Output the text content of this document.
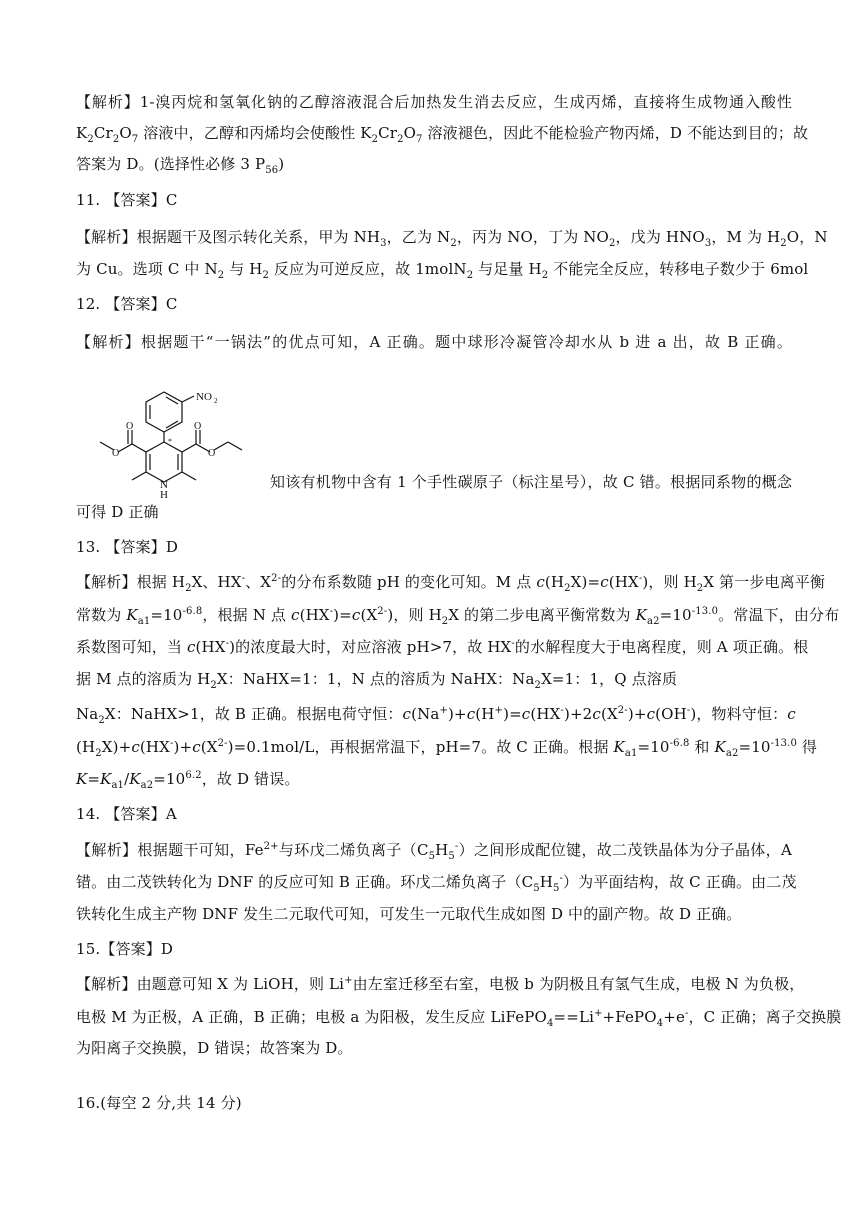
【解析】1-溴丙烷和氢氧化钠的乙醇溶液混合后加热发生消去反应，生成丙烯，直接将生成物通入酸性
$K_2Cr_2O_7$ 溶液中，乙醇和丙烯均会使酸性 $K_2Cr_2O_7$ 溶液褪色，因此不能检验产物丙烯，D 不能达到目的；故
答案为 D。(选择性必修 3 $P_{56}$)
11. 【答案】C
【解析】根据题干及图示转化关系，甲为 $NH_3$，乙为 $N_2$，丙为 NO，丁为 $NO_2$，戊为 $HNO_3$，M 为 $H_2O$，N
为 Cu。选项 C 中 $N_2$ 与 $H_2$ 反应为可逆反应，故 1molN$_2$ 与足量 $H_2$ 不能完全反应，转移电子数少于 6mol
12. 【答案】C
【解析】根据题干“一锅法”的优点可知，A 正确。题中球形冷凝管冷却水从 b 进 a 出，故 B 正确。
NO 2
O
O
O
O
N
H
*
知该有机物中含有 1 个手性碳原子（标注星号），故 C 错。根据同系物的概念
可得 D 正确
13. 【答案】D
【解析】根据 $H_2X$、HX-、$X^{2-}$的分布系数随 pH 的变化可知。M 点 $c(H_2X)=c(HX^-)$，则 $H_2X$ 第一步电离平衡
常数为 $K_{a1}=10^{-6.8}$，根据 N 点 $c(HX^-)=c(X^{2-})$，则 $H_2X$ 的第二步电离平衡常数为 $K_{a2}=10^{-13.0}$。常温下，由分布
系数图可知，当 c(HX-)的浓度最大时，对应溶液 pH>7，故 HX-的水解程度大于电离程度，则 A 项正确。根
据 M 点的溶质为 $H_2X$：NaHX=1：1，N 点的溶质为 NaHX：$Na_2X=1$：1，Q 点溶质
$Na_2X$：NaHX>1，故 B 正确。根据电荷守恒：$c(Na^+)+c(H^+)=c(HX^-)+2c(X^{2-})+c(OH^-)$，物料守恒：c
$(H_2X)+c(HX^-)+c(X^{2-})=0.1mol/L$，再根据常温下，pH=7。故 C 正确。根据 $K_{a1}=10^{-6.8}$ 和 $K_{a2}=10^{-13.0}$ 得
$K=K_{a1}/K_{a2}=10^{6.2}$，故 D 错误。
14. 【答案】A
【解析】根据题干可知，$Fe^{2+}$与环戊二烯负离子$(C_5H_5^-)$之间形成配位键，故二茂铁晶体为分子晶体，A
错。由二茂铁转化为 DNF 的反应可知 B 正确。环戊二烯负离子$(C_5H_5^-)$为平面结构，故 C 正确。由二茂
铁转化生成主产物 DNF 发生二元取代可知，可发生一元取代生成如图 D 中的副产物。故 D 正确。
15.【答案】D
【解析】由题意可知 X 为 LiOH，则 Li+由左室迁移至右室，电极 b 为阴极且有氢气生成，电极 N 为负极，
电极 M 为正极，A 正确，B 正确；电极 a 为阳极，发生反应 LiFePO$_4$==Li++FePO$_4$+e-，C 正确；离子交换膜
为阳离子交换膜，D 错误；故答案为 D。
16.(每空 2 分,共 14 分)
